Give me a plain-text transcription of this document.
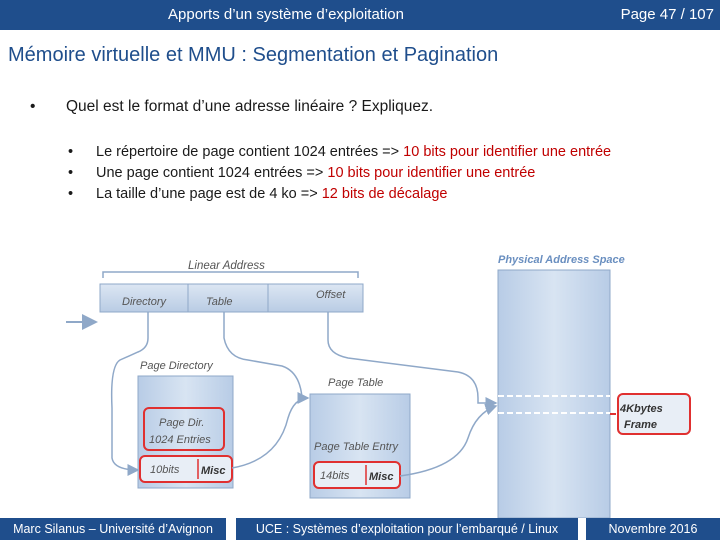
Apports d’un système d’exploitation	Page 47 / 107
Mémoire virtuelle et MMU : Segmentation et Pagination
• Quel est le format d’une adresse linéaire ? Expliquez.
• Le répertoire de page contient 1024 entrées => 10 bits pour identifier une entrée
• Une page contient 1024 entrées => 10 bits pour identifier une entrée
• La taille d’une page est de 4 ko => 12 bits de décalage
Linear Address
Directory	Table
Offset
Page Directory
Page Dir.
1024 Entries
10bits Misc
Page Table
Page Table Entry
14bits Misc
Physical Address Space
4Kbytes
Frame
Marc Silanus – Université d’Avignon	UCE : Systèmes d’exploitation pour l’embarqué / Linux	Novembre 2016
